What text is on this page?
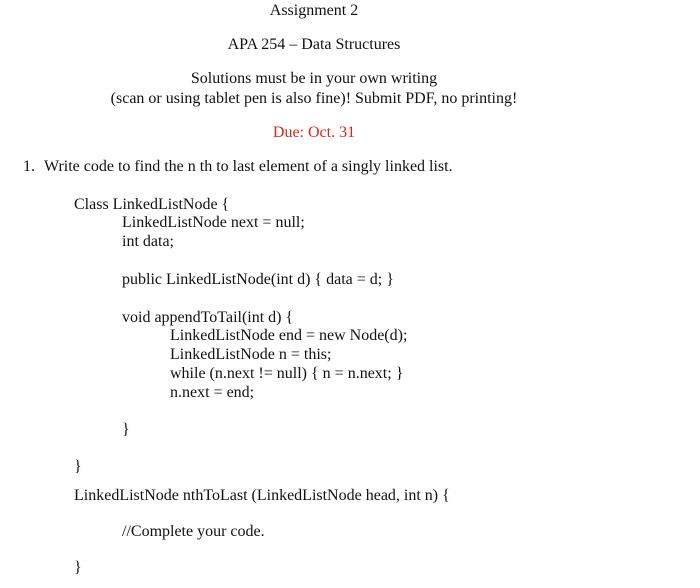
Assignment 2

APA 254 – Data Structures

Solutions must be in your own writing

(scan or using tablet pen is also fine)! Submit PDF, no printing!

Due: Oct. 31

1. Write code to find the n th to last element of a singly linked list.

Class LinkedListNode {

LinkedListNode next = null;

int data;

public LinkedListNode(int d) { data = d; }

void appendToTail(int d) {

LinkedListNode end = new Node(d);

LinkedListNode n = this;

while (n.next != null) { n = n.next; }

n.next = end;

}

}

LinkedListNode nthToLast (LinkedListNode head, int n) {

//Complete your code.

}
